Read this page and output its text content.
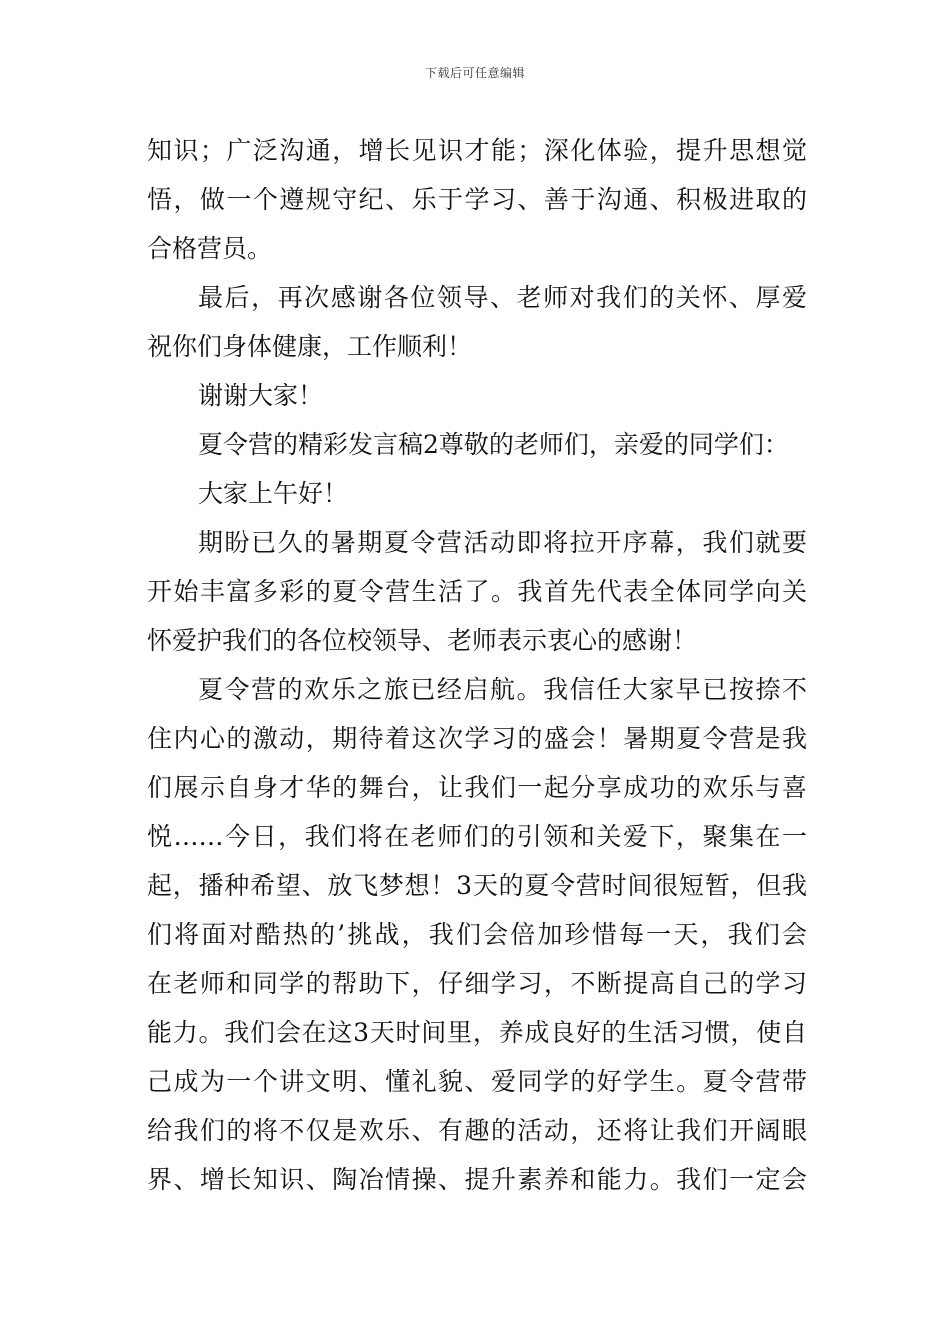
下载后可任意编辑
知识；广泛沟通，增长见识才能；深化体验，提升思想觉
悟，做一个遵规守纪、乐于学习、善于沟通、积极进取的
合格营员。
最后，再次感谢各位领导、老师对我们的关怀、厚爱
祝你们身体健康，工作顺利！
谢谢大家！
夏令营的精彩发言稿2尊敬的老师们，亲爱的同学们：
大家上午好！
期盼已久的暑期夏令营活动即将拉开序幕，我们就要
开始丰富多彩的夏令营生活了。我首先代表全体同学向关
怀爱护我们的各位校领导、老师表示衷心的感谢！
夏令营的欢乐之旅已经启航。我信任大家早已按捺不
住内心的激动，期待着这次学习的盛会！暑期夏令营是我
们展示自身才华的舞台，让我们一起分享成功的欢乐与喜
悦……今日，我们将在老师们的引领和关爱下，聚集在一
起，播种希望、放飞梦想！3天的夏令营时间很短暂，但我
们将面对酷热的’挑战，我们会倍加珍惜每一天，我们会
在老师和同学的帮助下，仔细学习，不断提高自己的学习
能力。我们会在这3天时间里，养成良好的生活习惯，使自
己成为一个讲文明、懂礼貌、爱同学的好学生。夏令营带
给我们的将不仅是欢乐、有趣的活动，还将让我们开阔眼
界、增长知识、陶冶情操、提升素养和能力。我们一定会
